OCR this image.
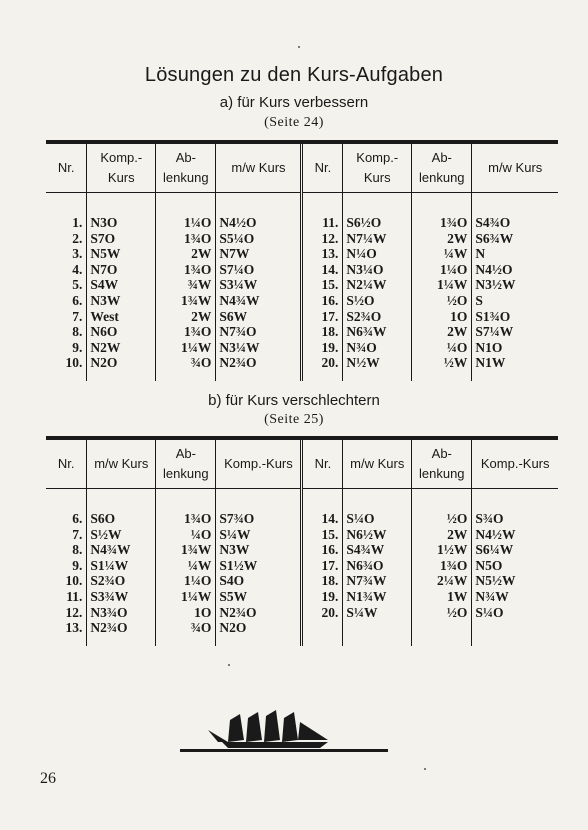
Lösungen zu den Kurs-Aufgaben
a) für Kurs verbessern
(Seite 24)

Nr.	Komp.-Kurs	Ab-lenkung	m/w Kurs	Nr.	Komp.-Kurs	Ab-lenkung	m/w Kurs

1.	N3O	1¼O	N4½O	11.	S6½O	1¾O	S4¾O
2.	S7O	1¾O	S5¼O	12.	N7¼W	2W	S6¾W
3.	N5W	2W	N7W	13.	N¼O	¼W	N
4.	N7O	1¾O	S7¼O	14.	N3¼O	1¼O	N4½O
5.	S4W	¾W	S3¼W	15.	N2¼W	1¼W	N3½W
6.	N3W	1¾W	N4¾W	16.	S½O	½O	S
7.	West	2W	S6W	17.	S2¾O	1O	S1¾O
8.	N6O	1¾O	N7¾O	18.	N6¾W	2W	S7¼W
9.	N2W	1¼W	N3¼W	19.	N¾O	¼O	N1O
10.	N2O	¾O	N2¾O	20.	N½W	½W	N1W

b) für Kurs verschlechtern
(Seite 25)

Nr.	m/w Kurs	Ab-lenkung	Komp.-Kurs	Nr.	m/w Kurs	Ab-lenkung	Komp.-Kurs

6.	S6O	1¾O	S7¾O	14.	S¼O	½O	S¾O
7.	S½W	¼O	S¼W	15.	N6½W	2W	N4½W
8.	N4¾W	1¾W	N3W	16.	S4¾W	1½W	S6¼W
9.	S1¼W	¼W	S1½W	17.	N6¾O	1¾O	N5O
10.	S2¾O	1¼O	S4O	18.	N7¾W	2¼W	N5½W
11.	S3¾W	1¼W	S5W	19.	N1¾W	1W	N¾W
12.	N3¾O	1O	N2¾O	20.	S¼W	½O	S¼O
13.	N2¾O	¾O	N2O				

26
